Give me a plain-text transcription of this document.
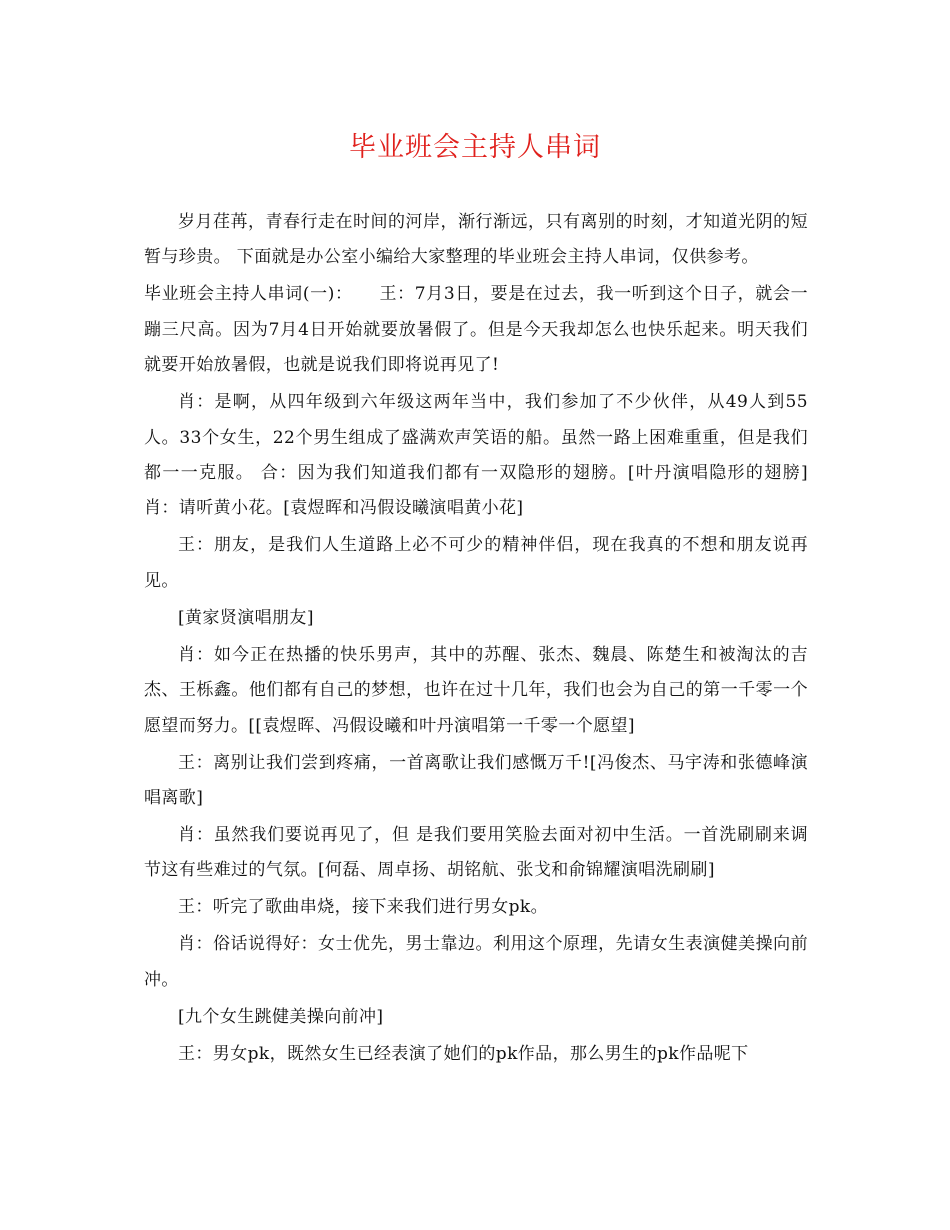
毕业班会主持人串词

岁月荏苒，青春行走在时间的河岸，渐行渐远，只有离别的时刻，才知道光阴的短暂与珍贵。 下面就是办公室小编给大家整理的毕业班会主持人串词，仅供参考。

毕业班会主持人串词(一)：　　王：7月3日，要是在过去，我一听到这个日子，就会一蹦三尺高。因为7月4日开始就要放暑假了。但是今天我却怎么也快乐起来。明天我们就要开始放暑假，也就是说我们即将说再见了!

肖：是啊，从四年级到六年级这两年当中，我们参加了不少伙伴，从49人到55人。33个女生，22个男生组成了盛满欢声笑语的船。虽然一路上困难重重，但是我们都一一克服。 合：因为我们知道我们都有一双隐形的翅膀。[叶丹演唱隐形的翅膀] 肖：请听黄小花。[袁煜晖和冯假设曦演唱黄小花]

王：朋友，是我们人生道路上必不可少的精神伴侣，现在我真的不想和朋友说再见。

[黄家贤演唱朋友]

肖：如今正在热播的快乐男声，其中的苏醒、张杰、魏晨、陈楚生和被淘汰的吉杰、王栎鑫。他们都有自己的梦想，也许在过十几年，我们也会为自己的第一千零一个愿望而努力。[[袁煜晖、冯假设曦和叶丹演唱第一千零一个愿望]

王：离别让我们尝到疼痛，一首离歌让我们感慨万千![冯俊杰、马宇涛和张德峰演唱离歌]

肖：虽然我们要说再见了，但 是我们要用笑脸去面对初中生活。一首洗刷刷来调节这有些难过的气氛。[何磊、周卓扬、胡铭航、张戈和俞锦耀演唱洗刷刷]

王：听完了歌曲串烧，接下来我们进行男女pk。

肖：俗话说得好：女士优先，男士靠边。利用这个原理，先请女生表演健美操向前冲。

[九个女生跳健美操向前冲]

王：男女pk，既然女生已经表演了她们的pk作品，那么男生的pk作品呢下
